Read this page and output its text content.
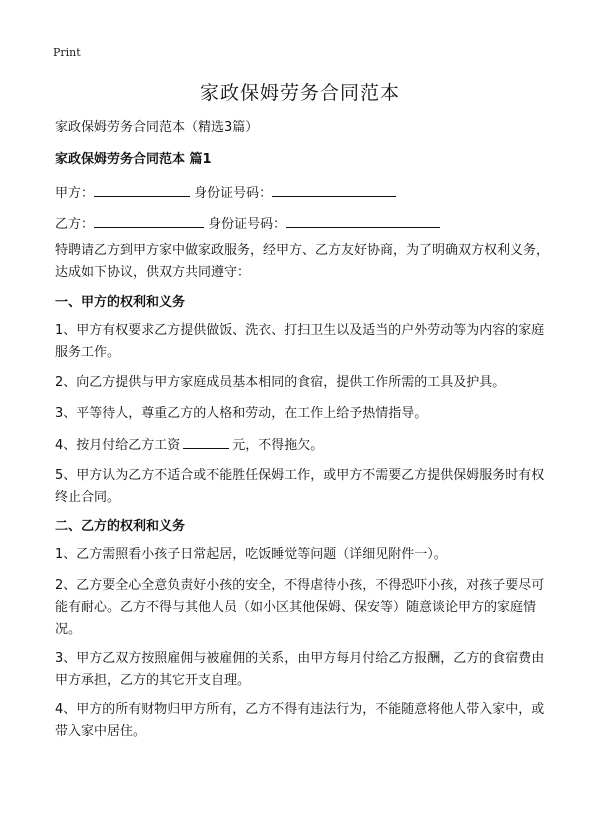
Print
家政保姆劳务合同范本

家政保姆劳务合同范本（精选3篇）

家政保姆劳务合同范本 篇1

甲方：	身份证号码：
乙方：	身份证号码：

特聘请乙方到甲方家中做家政服务，经甲方、乙方友好协商，为了明确双方权利义务，达成如下协议，供双方共同遵守：

一、甲方的权利和义务

1、甲方有权要求乙方提供做饭、洗衣、打扫卫生以及适当的户外劳动等为内容的家庭服务工作。

2、向乙方提供与甲方家庭成员基本相同的食宿，提供工作所需的工具及护具。

3、平等待人，尊重乙方的人格和劳动，在工作上给予热情指导。

4、按月付给乙方工资	元，不得拖欠。

5、甲方认为乙方不适合或不能胜任保姆工作，或甲方不需要乙方提供保姆服务时有权终止合同。

二、乙方的权利和义务

1、乙方需照看小孩子日常起居，吃饭睡觉等问题（详细见附件一）。

2、乙方要全心全意负责好小孩的安全，不得虐待小孩，不得恐吓小孩，对孩子要尽可能有耐心。乙方不得与其他人员（如小区其他保姆、保安等）随意谈论甲方的家庭情况。

3、甲方乙双方按照雇佣与被雇佣的关系，由甲方每月付给乙方报酬，乙方的食宿费由甲方承担，乙方的其它开支自理。

4、甲方的所有财物归甲方所有，乙方不得有违法行为，不能随意将他人带入家中，或带入家中居住。
